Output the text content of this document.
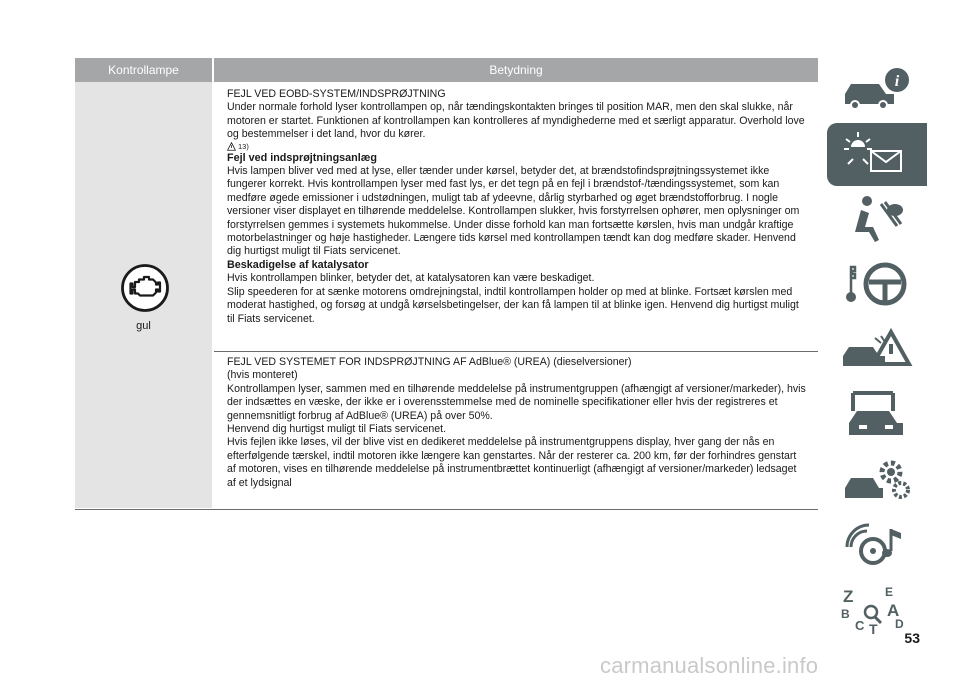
Kontrollampe	Betydning
gul

FEJL VED EOBD-SYSTEM/INDSPRØJTNING

Under normale forhold lyser kontrollampen op, når tændingskontakten bringes til position MAR, men den skal slukke, når motoren er startet. Funktionen af kontrollampen kan kontrolleres af myndighederne med et særligt apparatur. Overhold love og bestemmelser i det land, hvor du kører.

13)
Fejl ved indsprøjtningsanlæg

Hvis lampen bliver ved med at lyse, eller tænder under kørsel, betyder det, at brændstofindsprøjtningssystemet ikke fungerer korrekt. Hvis kontrollampen lyser med fast lys, er det tegn på en fejl i brændstof-/tændingssystemet, som kan medføre øgede emissioner i udstødningen, muligt tab af ydeevne, dårlig styrbarhed og øget brændstofforbrug. I nogle versioner viser displayet en tilhørende meddelelse. Kontrollampen slukker, hvis forstyrrelsen ophører, men oplysninger om forstyrrelsen gemmes i systemets hukommelse. Under disse forhold kan man fortsætte kørslen, hvis man undgår kraftige motorbelastninger og høje hastigheder. Længere tids kørsel med kontrollampen tændt kan dog medføre skader. Henvend dig hurtigst muligt til Fiats servicenet.

Beskadigelse af katalysator

Hvis kontrollampen blinker, betyder det, at katalysatoren kan være beskadiget.

Slip speederen for at sænke motorens omdrejningstal, indtil kontrollampen holder op med at blinke. Fortsæt kørslen med moderat hastighed, og forsøg at undgå kørselsbetingelser, der kan få lampen til at blinke igen. Henvend dig hurtigst muligt til Fiats servicenet.

FEJL VED SYSTEMET FOR INDSPRØJTNING AF AdBlue® (UREA) (dieselversioner)

(hvis monteret)

Kontrollampen lyser, sammen med en tilhørende meddelelse på instrumentgruppen (afhængigt af versioner/markeder), hvis der indsættes en væske, der ikke er i overensstemmelse med de nominelle specifikationer eller hvis der registreres et gennemsnitligt forbrug af AdBlue® (UREA) på over 50%.

Henvend dig hurtigst muligt til Fiats servicenet.

Hvis fejlen ikke løses, vil der blive vist en dedikeret meddelelse på instrumentgruppens display, hver gang der nås en efterfølgende tærskel, indtil motoren ikke længere kan genstartes. Når der resterer ca. 200 km, før der forhindres genstart af motoren, vises en tilhørende meddelelse på instrumentbrættet kontinuerligt (afhængigt af versioner/markeder) ledsaget af et lydsignal

i
Z	E
A
B
C T D
53
carmanualsonline.info
